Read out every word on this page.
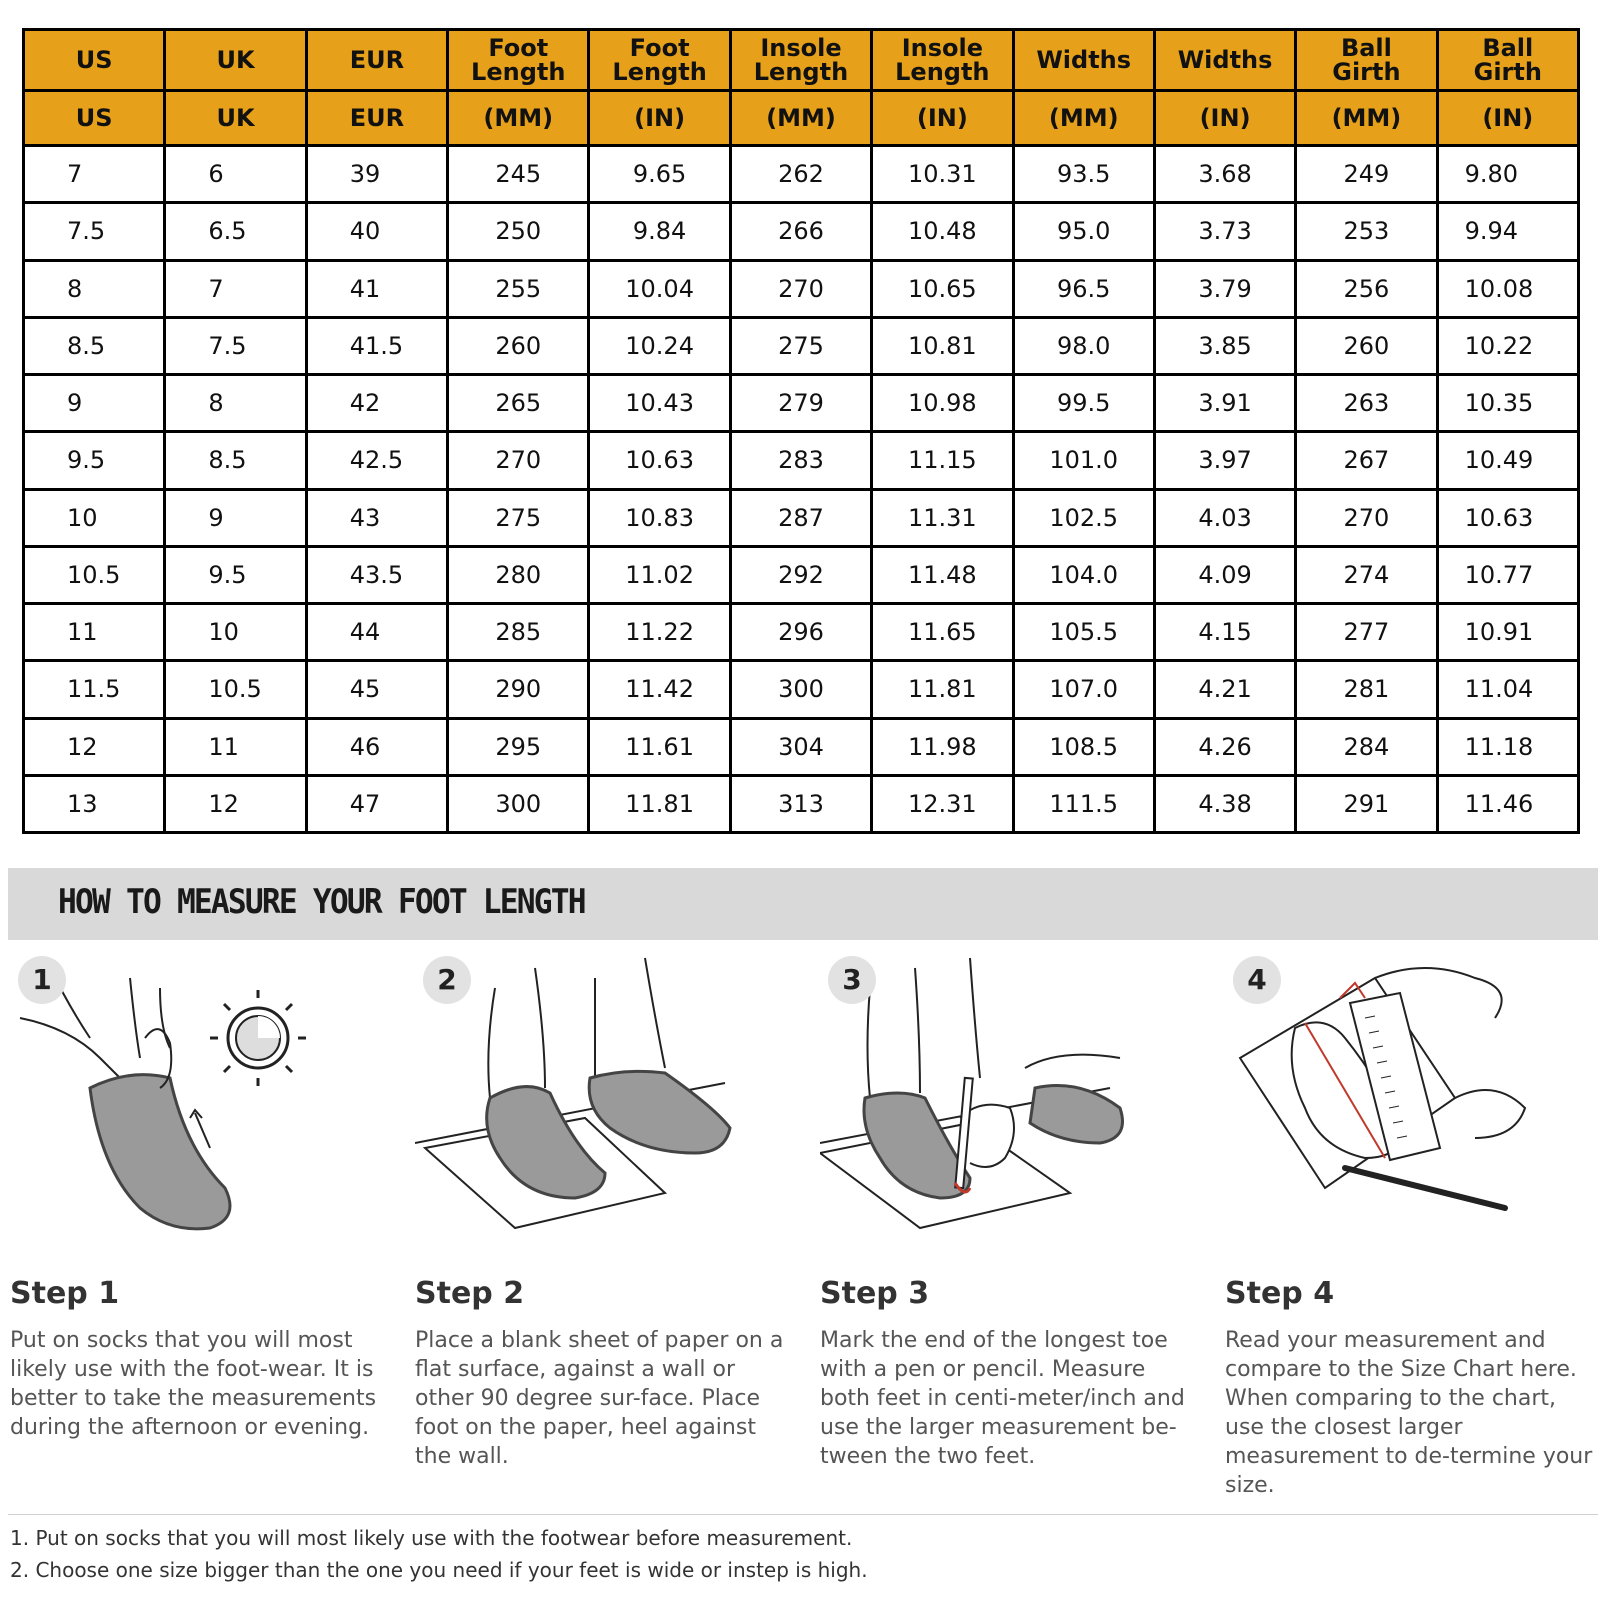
US	UK	EUR	Foot Length	Foot Length	Insole Length	Insole Length	Widths	Widths	Ball Girth	Ball Girth
US	UK	EUR	(MM)	(IN)	(MM)	(IN)	(MM)	(IN)	(MM)	(IN)
7	6	39	245	9.65	262	10.31	93.5	3.68	249	9.80
7.5	6.5	40	250	9.84	266	10.48	95.0	3.73	253	9.94
8	7	41	255	10.04	270	10.65	96.5	3.79	256	10.08
8.5	7.5	41.5	260	10.24	275	10.81	98.0	3.85	260	10.22
9	8	42	265	10.43	279	10.98	99.5	3.91	263	10.35
9.5	8.5	42.5	270	10.63	283	11.15	101.0	3.97	267	10.49
10	9	43	275	10.83	287	11.31	102.5	4.03	270	10.63
10.5	9.5	43.5	280	11.02	292	11.48	104.0	4.09	274	10.77
11	10	44	285	11.22	296	11.65	105.5	4.15	277	10.91
11.5	10.5	45	290	11.42	300	11.81	107.0	4.21	281	11.04
12	11	46	295	11.61	304	11.98	108.5	4.26	284	11.18
13	12	47	300	11.81	313	12.31	111.5	4.38	291	11.46
HOW TO MEASURE YOUR FOOT LENGTH
1
Step 1
Put on socks that you will most likely use with the foot-wear. It is better to take the measurements during the afternoon or evening.
2
Step 2
Place a blank sheet of paper on a flat surface, against a wall or other 90 degree sur-face. Place foot on the paper, heel against the wall.
3
Step 3
Mark the end of the longest toe with a pen or pencil. Measure both feet in centi-meter/inch and use the larger measurement be-tween the two feet.
4
Step 4
Read your measurement and compare to the Size Chart here. When comparing to the chart, use the closest larger measurement to de-termine your size.
1. Put on socks that you will most likely use with the footwear before measurement.
2. Choose one size bigger than the one you need if your feet is wide or instep is high.
